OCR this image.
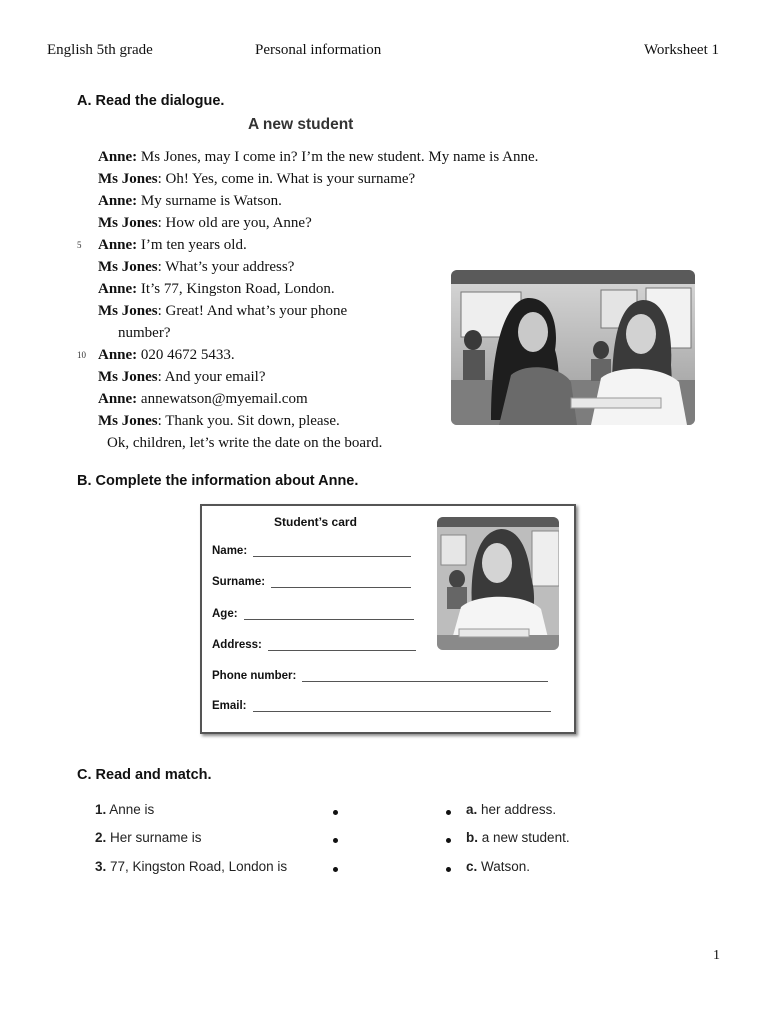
English 5th grade	Personal information	Worksheet 1
A. Read the dialogue.
A new student
Anne: Ms Jones, may I come in? I’m the new student. My name is Anne.
Ms Jones: Oh! Yes, come in. What is your surname?
Anne: My surname is Watson.
Ms Jones: How old are you, Anne?
5 Anne: I’m ten years old.
Ms Jones: What’s your address?
Anne: It’s 77, Kingston Road, London.
Ms Jones: Great! And what’s your phone
number?
10 Anne: 020 4672 5433.
Ms Jones: And your email?
Anne: annewatson@myemail.com
Ms Jones: Thank you. Sit down, please.
Ok, children, let’s write the date on the board.
B. Complete the information about Anne.
Student’s card
Name:
Surname:
Age:
Address:
Phone number:
Email:
C. Read and match.
1. Anne is	a. her address.
2. Her surname is	b. a new student.
3. 77, Kingston Road, London is	c. Watson.
1
